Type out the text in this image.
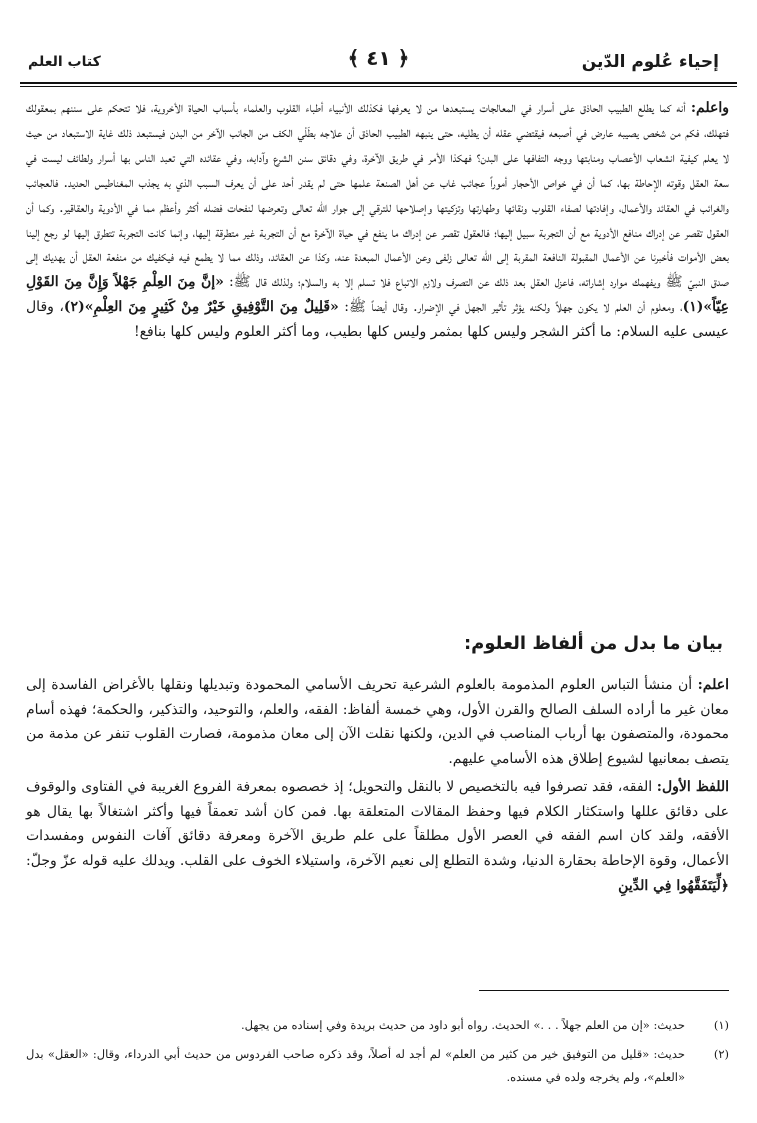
إحياء عُلوم الدّين
﴿ ٤١ ﴾
كتاب العلم

واعلم: أنه كما يطلع الطبيب الحاذق على أسرار في المعالجات يستبعدها من لا يعرفها فكذلك الأنبياء أطباء القلوب والعلماء بأسباب الحياة الأخروية، فلا تتحكم على سننهم بمعقولك فتهلك، فكم من شخص يصيبه عارض في أصبعه فيقتضي عقله أن يطليه، حتى ينبهه الطبيب الحاذق أن علاجه بطَلْي الكف من الجانب الآخر من البدن فيستبعد ذلك غاية الاستبعاد من حيث لا يعلم كيفية انشعاب الأعصاب ومنابتها ووجه التفافها على البدن؟ فهكذا الأمر في طريق الآخرة، وفي دقائق سنن الشرع وآدابه، وفي عقائده التي تعبد الناس بها أسرار ولطائف ليست في سعة العقل وقوته الإحاطة بها، كما أن في خواص الأحجار أموراً عجائب غاب عن أهل الصنعة علمها حتى لم يقدر أحد على أن يعرف السبب الذي به يجذب المغناطيس الحديد. فالعجائب والغرائب في العقائد والأعمال، وإفادتها لصفاء القلوب ونقائها وطهارتها وتزكيتها وإصلاحها للترقي إلى جوار الله تعالى وتعرضها لنفحات فضله أكثر وأعظم مما في الأدوية والعقاقير. وكما أن العقول تقصر عن إدراك منافع الأدوية مع أن التجربة سبيل إليها؛ فالعقول تقصر عن إدراك ما ينفع في حياة الآخرة مع أن التجربة غير متطرقة إليها، وإنما كانت التجربة تتطرق إليها لو رجع إلينا بعض الأموات فأخبرنا عن الأعمال المقبولة النافعة المقربة إلى الله تعالى زلفى وعن الأعمال المبعدة عنه، وكذا عن العقائد، وذلك مما لا يطمع فيه فيكفيك من منفعة العقل أن يهديك إلى صدق النبيّ ﷺ ويفهمك موارد إشاراته، فاعزل العقل بعد ذلك عن التصرف ولازم الاتباع فلا تسلم إلا به والسلام؛ ولذلك قال ﷺ: «إنَّ مِنَ العِلْمِ جَهْلاً وَإِنَّ مِنَ القَوْلِ عِيّاً»(١)، ومعلوم أن العلم لا يكون جهلاً ولكنه يؤثر تأثير الجهل في الإضرار. وقال أيضاً ﷺ: «قَلِيلٌ مِنَ التَّوْفِيقِ خَيْرٌ مِنْ كَثِيرٍ مِنَ العِلْمِ»(٢)، وقال عيسى عليه السلام: ما أكثر الشجر وليس كلها بمثمر وليس كلها بطيب، وما أكثر العلوم وليس كلها بنافع!

بيان ما بدل من ألفاظ العلوم:

اعلم: أن منشأ التباس العلوم المذمومة بالعلوم الشرعية تحريف الأسامي المحمودة وتبديلها ونقلها بالأغراض الفاسدة إلى معان غير ما أراده السلف الصالح والقرن الأول، وهي خمسة ألفاظ: الفقه، والعلم، والتوحيد، والتذكير، والحكمة؛ فهذه أسام محمودة، والمتصفون بها أرباب المناصب في الدين، ولكنها نقلت الآن إلى معان مذمومة، فصارت القلوب تنفر عن مذمة من يتصف بمعانيها لشيوع إطلاق هذه الأسامي عليهم.

اللفظ الأول: الفقه، فقد تصرفوا فيه بالتخصيص لا بالنقل والتحويل؛ إذ خصصوه بمعرفة الفروع الغريبة في الفتاوى والوقوف على دقائق عللها واستكثار الكلام فيها وحفظ المقالات المتعلقة بها. فمن كان أشد تعمقاً فيها وأكثر اشتغالاً بها يقال هو الأفقه، ولقد كان اسم الفقه في العصر الأول مطلقاً على علم طريق الآخرة ومعرفة دقائق آفات النفوس ومفسدات الأعمال، وقوة الإحاطة بحقارة الدنيا، وشدة التطلع إلى نعيم الآخرة، واستيلاء الخوف على القلب. ويدلك عليه قوله عزّ وجلّ: ﴿لِّيَتَفَقَّهُوا فِي الدِّينِ

(١)
حديث: «إن من العلم جهلاً . . .» الحديث. رواه أبو داود من حديث بريدة وفي إسناده من يجهل.
(٢)
حديث: «قليل من التوفيق خير من كثير من العلم» لم أجد له أصلاً، وقد ذكره صاحب الفردوس من حديث أبي الدرداء، وقال: «العقل» بدل «العلم»، ولم يخرجه ولده في مسنده.
